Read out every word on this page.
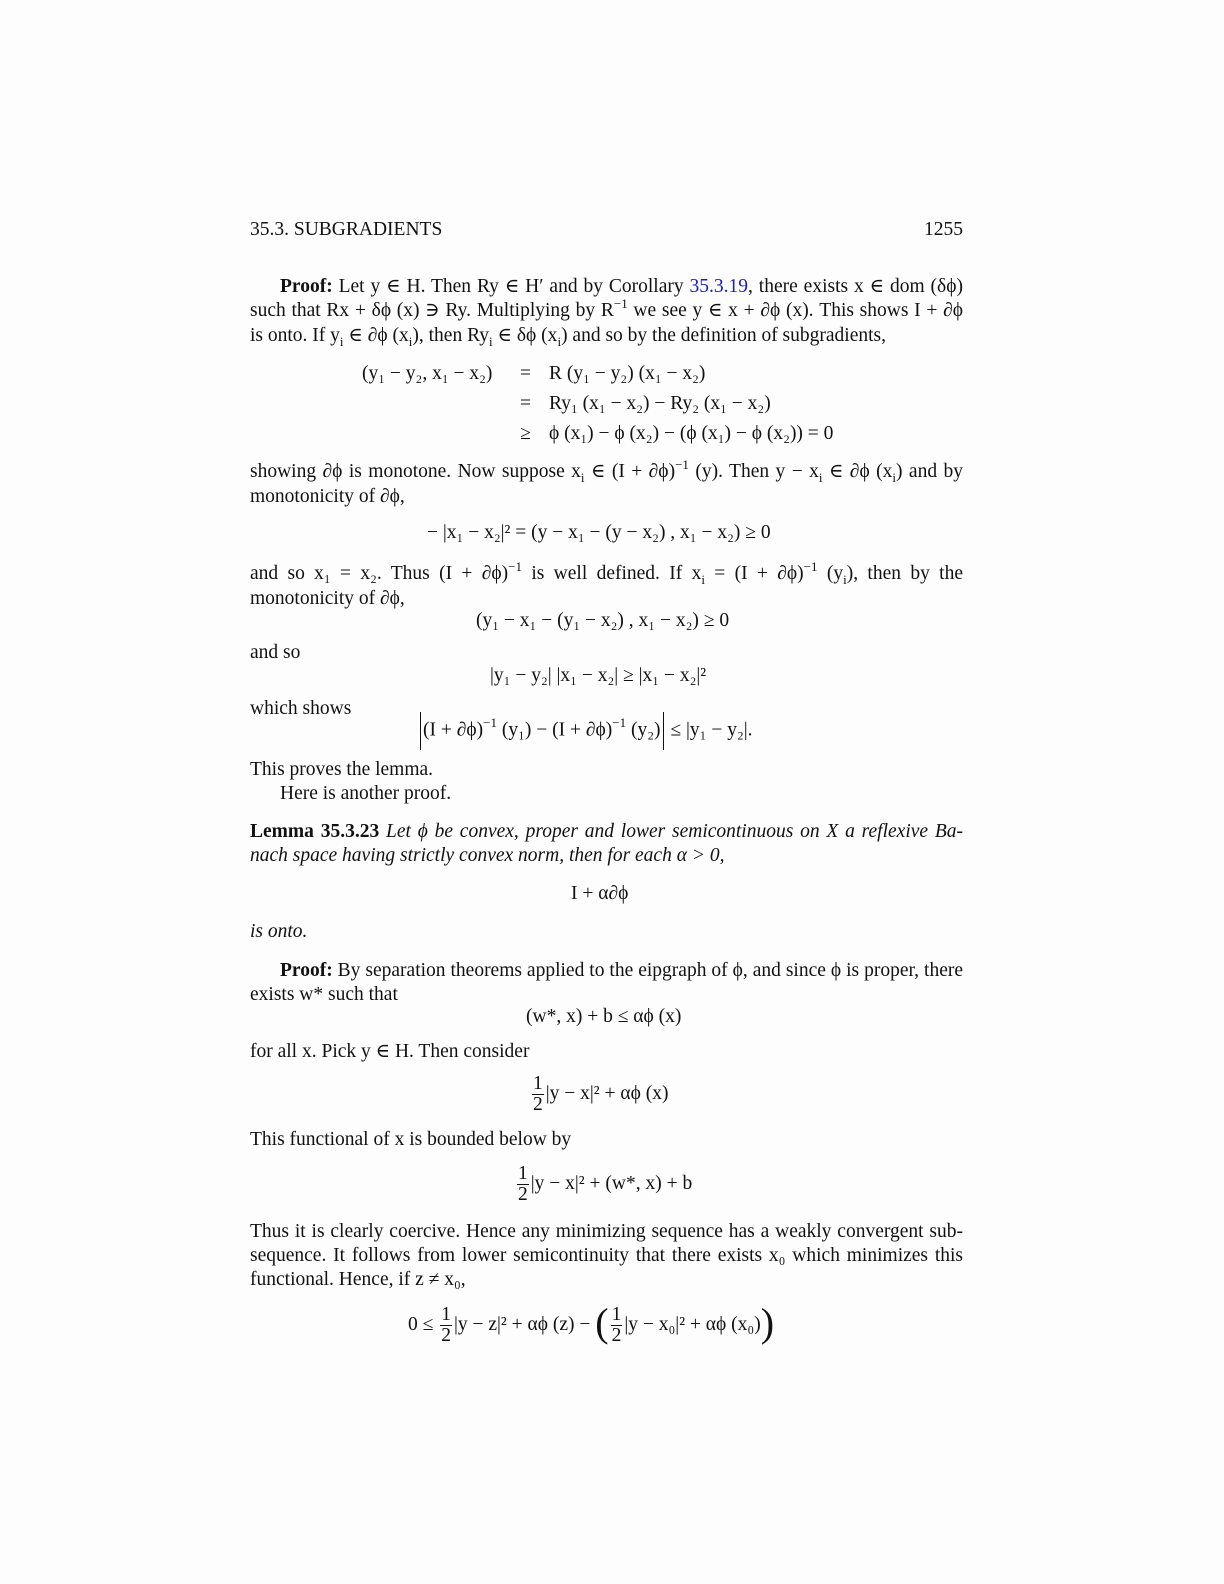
35.3. SUBGRADIENTS	1255
Proof: Let y ∈ H. Then Ry ∈ H′ and by Corollary 35.3.19, there exists x ∈ dom (δϕ)
such that Rx + δϕ (x) ∋ Ry. Multiplying by $R^{-1}$ we see y ∈ x + ∂ϕ (x). This shows I + ∂ϕ
is onto. If $y_i$ ∈ ∂ϕ $(x_i)$, then $Ry_i$ ∈ δϕ $(x_i)$ and so by the definition of subgradients,
(y₁ − y₂, x₁ − x₂)	=	R (y₁ − y₂) (x₁ − x₂)
	=	Ry₁ (x₁ − x₂) − Ry₂ (x₁ − x₂)
	≥	ϕ (x₁) − ϕ (x₂) − (ϕ (x₁) − ϕ (x₂)) = 0
showing ∂ϕ is monotone. Now suppose $x_i$ ∈ $(I + \partial\phi)^{-1}$ (y). Then $y - x_i$ ∈ ∂ϕ $(x_i)$ and by
monotonicity of ∂ϕ,
− |x₁ − x₂|² = (y − x₁ − (y − x₂) , x₁ − x₂) ≥ 0
and so x₁ = x₂. Thus $(I + \partial\phi)^{-1}$ is well defined. If $x_i = (I + \partial\phi)^{-1}$ $(y_i)$, then by the
monotonicity of ∂ϕ,
(y₁ − x₁ − (y₁ − x₂) , x₁ − x₂) ≥ 0
and so
|y₁ − y₂| |x₁ − x₂| ≥ |x₁ − x₂|²
which shows
$(I + \partial\phi)^{-1}$ $(y_1) - (I + \partial\phi)^{-1}$ (y₂) ≤ |y₁ − y₂|.
This proves the lemma.
Here is another proof.
Lemma 35.3.23 Let ϕ be convex, proper and lower semicontinuous on X a reflexive Ba-
nach space having strictly convex norm, then for each α > 0,
I + α∂ϕ
is onto.
Proof: By separation theorems applied to the eipgraph of ϕ, and since ϕ is proper, there
exists w* such that
(w*, x) + b ≤ αϕ (x)
for all x. Pick y ∈ H. Then consider
$\frac{1}{2} |y - x|^2 + \alpha\phi$ (x)
This functional of x is bounded below by
$\frac{1}{2} |y - x|^2 + (w*$, x) + b
Thus it is clearly coercive. Hence any minimizing sequence has a weakly convergent sub-
sequence. It follows from lower semicontinuity that there exists x₀ which minimizes this
functional. Hence, if z ≠ x₀,
$0 \le \frac{1}{2} |y - z|^2 + \alpha\phi$ (z) − ( $\frac{1}{2} |y - x_0|^2 + \alpha\phi$ (x₀))
